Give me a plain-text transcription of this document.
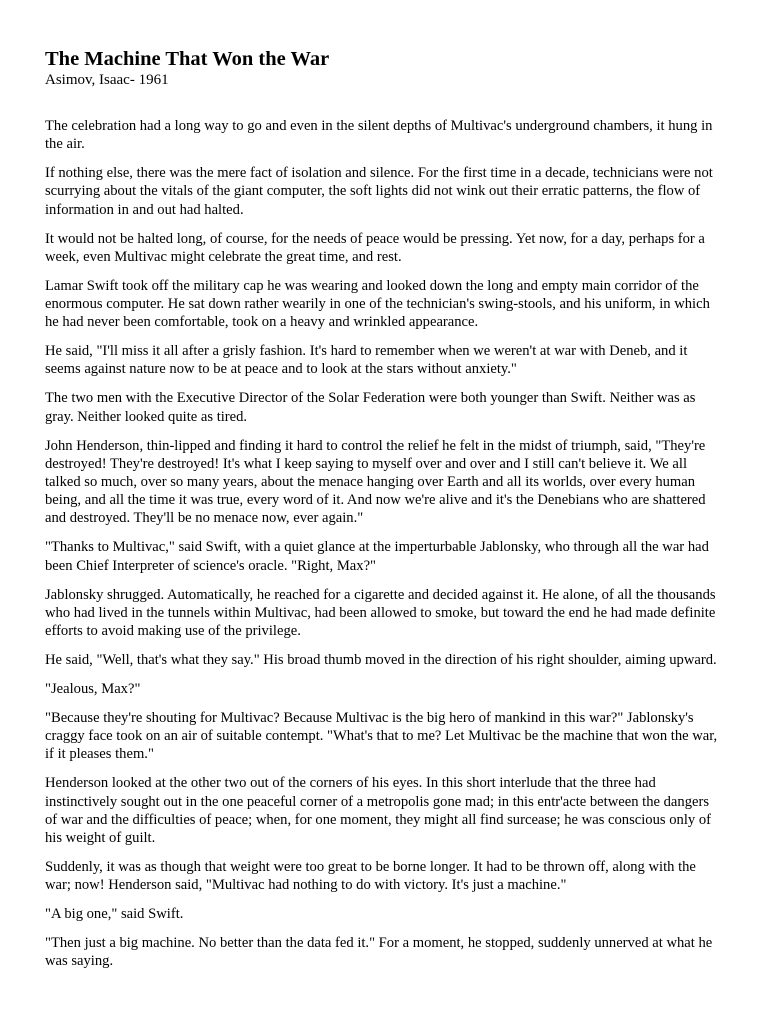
The Machine That Won the War

Asimov, Isaac- 1961

The celebration had a long way to go and even in the silent depths of Multivac's underground chambers, it hung in the air.

If nothing else, there was the mere fact of isolation and silence. For the first time in a decade, technicians were not scurrying about the vitals of the giant computer, the soft lights did not wink out their erratic patterns, the flow of information in and out had halted.

It would not be halted long, of course, for the needs of peace would be pressing. Yet now, for a day, perhaps for a week, even Multivac might celebrate the great time, and rest.

Lamar Swift took off the military cap he was wearing and looked down the long and empty main corridor of the enormous computer. He sat down rather wearily in one of the technician's swing-stools, and his uniform, in which he had never been comfortable, took on a heavy and wrinkled appearance.

He said, "I'll miss it all after a grisly fashion. It's hard to remember when we weren't at war with Deneb, and it seems against nature now to be at peace and to look at the stars without anxiety."

The two men with the Executive Director of the Solar Federation were both younger than Swift. Neither was as gray. Neither looked quite as tired.

John Henderson, thin-lipped and finding it hard to control the relief he felt in the midst of triumph, said, "They're destroyed! They're destroyed! It's what I keep saying to myself over and over and I still can't believe it. We all talked so much, over so many years, about the menace hanging over Earth and all its worlds, over every human being, and all the time it was true, every word of it. And now we're alive and it's the Denebians who are shattered and destroyed. They'll be no menace now, ever again."

"Thanks to Multivac," said Swift, with a quiet glance at the imperturbable Jablonsky, who through all the war had been Chief Interpreter of science's oracle. "Right, Max?"

Jablonsky shrugged. Automatically, he reached for a cigarette and decided against it. He alone, of all the thousands who had lived in the tunnels within Multivac, had been allowed to smoke, but toward the end he had made definite efforts to avoid making use of the privilege.

He said, "Well, that's what they say." His broad thumb moved in the direction of his right shoulder, aiming upward.

"Jealous, Max?"

"Because they're shouting for Multivac? Because Multivac is the big hero of mankind in this war?" Jablonsky's craggy face took on an air of suitable contempt. "What's that to me? Let Multivac be the machine that won the war, if it pleases them."

Henderson looked at the other two out of the corners of his eyes. In this short interlude that the three had instinctively sought out in the one peaceful corner of a metropolis gone mad; in this entr'acte between the dangers of war and the difficulties of peace; when, for one moment, they might all find surcease; he was conscious only of his weight of guilt.

Suddenly, it was as though that weight were too great to be borne longer. It had to be thrown off, along with the war; now! Henderson said, "Multivac had nothing to do with victory. It's just a machine."

"A big one," said Swift.

"Then just a big machine. No better than the data fed it." For a moment, he stopped, suddenly unnerved at what he was saying.
